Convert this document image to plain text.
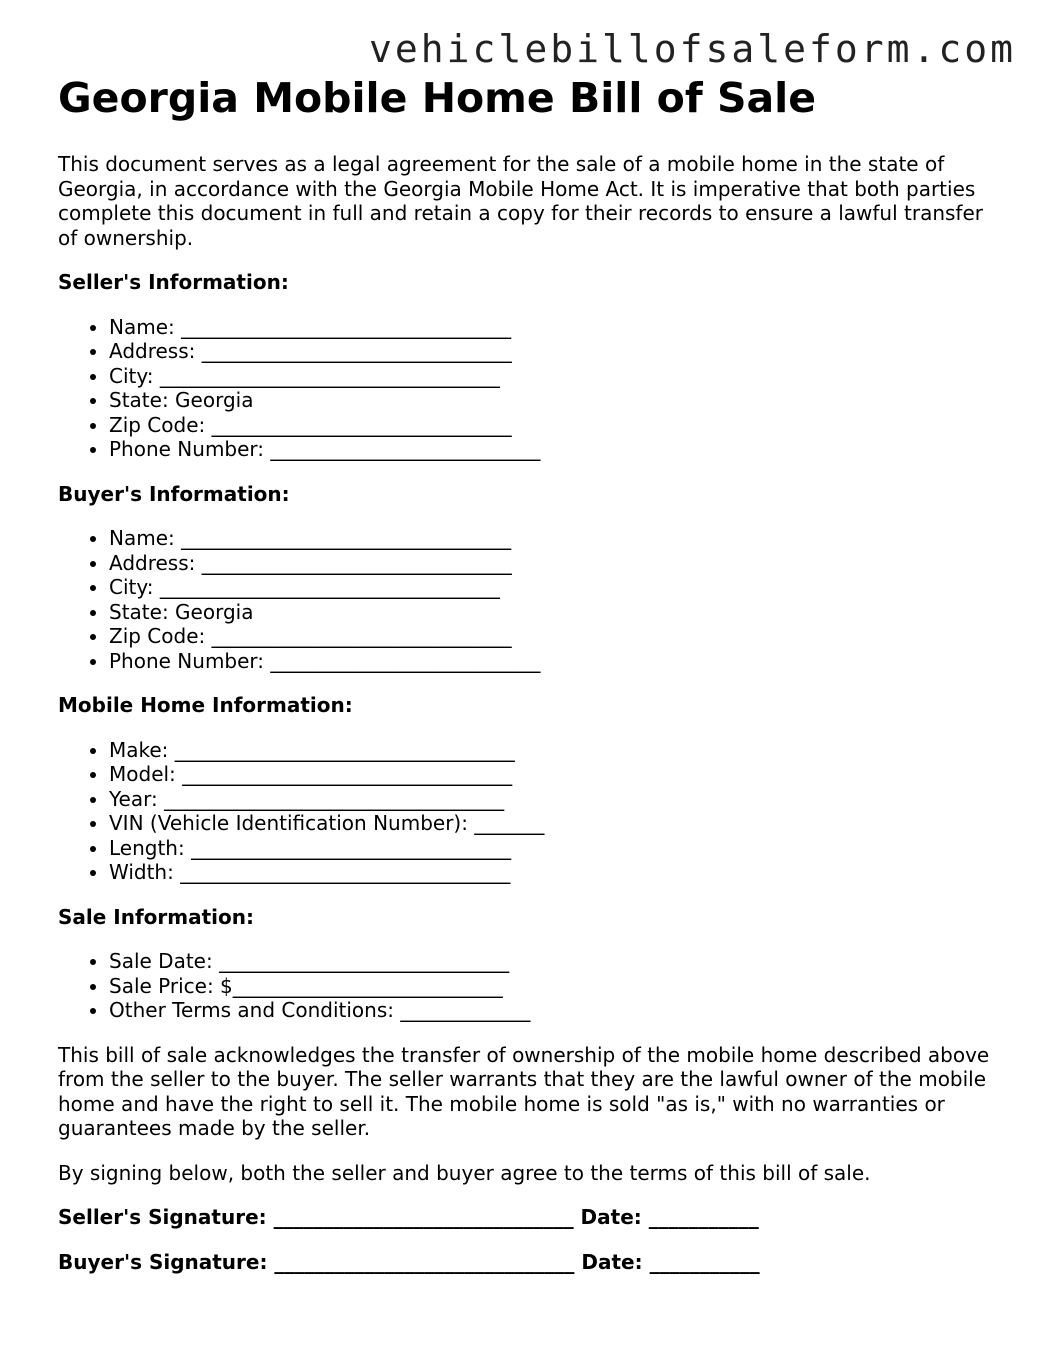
vehiclebillofsaleform.com
Georgia Mobile Home Bill of Sale

This document serves as a legal agreement for the sale of a mobile home in the state of Georgia, in accordance with the Georgia Mobile Home Act. It is imperative that both parties complete this document in full and retain a copy for their records to ensure a lawful transfer of ownership.

Seller's Information:

• Name: _________________________________
• Address: _______________________________
• City: __________________________________
• State: Georgia
• Zip Code: ______________________________
• Phone Number: ___________________________

Buyer's Information:

• Name: _________________________________
• Address: _______________________________
• City: __________________________________
• State: Georgia
• Zip Code: ______________________________
• Phone Number: ___________________________

Mobile Home Information:

• Make: __________________________________
• Model: _________________________________
• Year: __________________________________
• VIN (Vehicle Identification Number): _______
• Length: ________________________________
• Width: _________________________________

Sale Information:

• Sale Date: _____________________________
• Sale Price: $___________________________
• Other Terms and Conditions: _____________

This bill of sale acknowledges the transfer of ownership of the mobile home described above from the seller to the buyer. The seller warrants that they are the lawful owner of the mobile home and have the right to sell it. The mobile home is sold "as is," with no warranties or guarantees made by the seller.

By signing below, both the seller and buyer agree to the terms of this bill of sale.

Seller's Signature: ______________________________ Date: ___________

Buyer's Signature: ______________________________ Date: ___________
